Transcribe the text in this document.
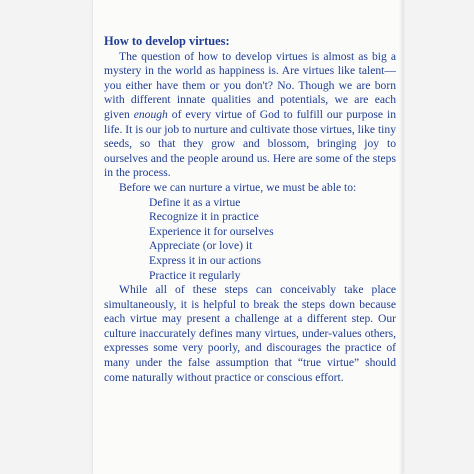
How to develop virtues:

The question of how to develop virtues is almost as big a mystery in the world as happiness is. Are virtues like talent—you either have them or you don't? No. Though we are born with different innate qualities and potentials, we are each given enough of every virtue of God to fulfill our purpose in life. It is our job to nurture and cultivate those virtues, like tiny seeds, so that they grow and blossom, bringing joy to ourselves and the people around us. Here are some of the steps in the process.

Before we can nurture a virtue, we must be able to:

Define it as a virtue
Recognize it in practice
Experience it for ourselves
Appreciate (or love) it
Express it in our actions
Practice it regularly

While all of these steps can conceivably take place simultaneously, it is helpful to break the steps down because each virtue may present a challenge at a different step. Our culture inaccurately defines many virtues, under-values others, expresses some very poorly, and discourages the practice of many under the false assumption that “true virtue” should come naturally without practice or conscious effort.
